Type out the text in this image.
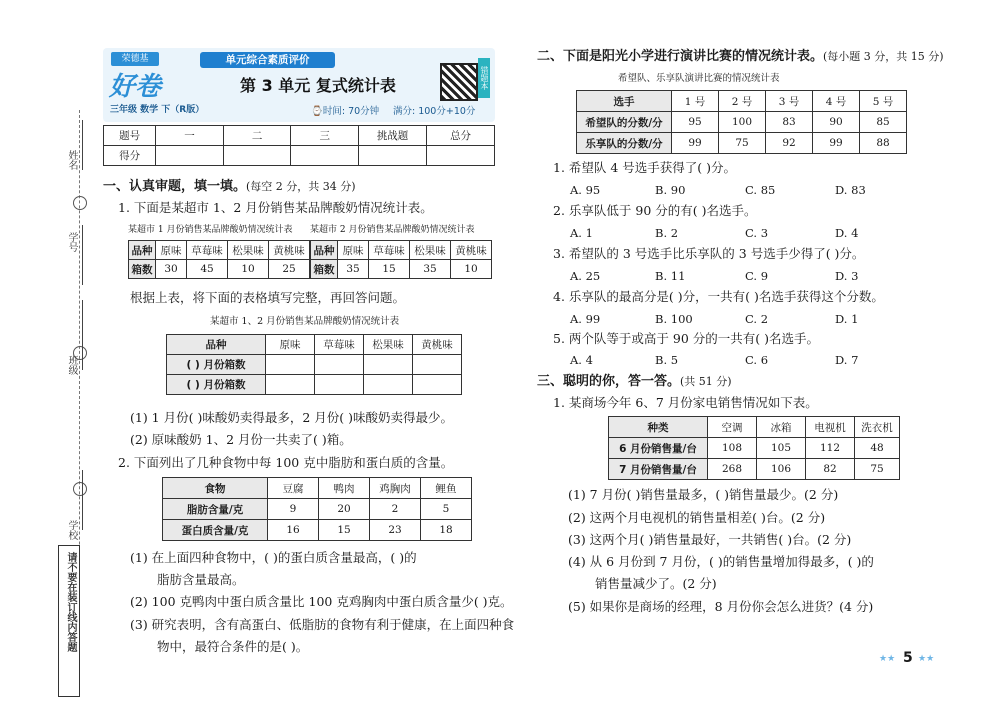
姓名
学号
班级
学校
请不要在装订线内答题
荣德基
好卷
三年级 数学 下（R版）
单元综合素质评价
第 3 单元 复式统计表
⌚时间: 70分钟 满分: 100分+10分
错题本
题号	一	二	三	挑战题	总分
得分					
一、认真审题，填一填。(每空 2 分，共 34 分)
1. 下面是某超市 1、2 月份销售某品牌酸奶情况统计表。
某超市 1 月份销售某品牌酸奶情况统计表 某超市 2 月份销售某品牌酸奶情况统计表
品种	原味	草莓味	松果味	黄桃味
箱数	30	45	10	25
品种	原味	草莓味	松果味	黄桃味
箱数	35	15	35	10
根据上表，将下面的表格填写完整，再回答问题。
某超市 1、2 月份销售某品牌酸奶情况统计表
品种	原味	草莓味	松果味	黄桃味
( ) 月份箱数				
( ) 月份箱数				
(1) 1 月份( )味酸奶卖得最多，2 月份( )味酸奶卖得最少。
(2) 原味酸奶 1、2 月份一共卖了( )箱。
2. 下面列出了几种食物中每 100 克中脂肪和蛋白质的含量。
食物	豆腐	鸭肉	鸡胸肉	鲤鱼
脂肪含量/克	9	20	2	5
蛋白质含量/克	16	15	23	18
(1) 在上面四种食物中，( )的蛋白质含量最高，( )的
脂肪含量最高。
(2) 100 克鸭肉中蛋白质含量比 100 克鸡胸肉中蛋白质含量少( )克。
(3) 研究表明，含有高蛋白、低脂肪的食物有利于健康，在上面四种食
物中，最符合条件的是( )。
二、下面是阳光小学进行演讲比赛的情况统计表。(每小题 3 分，共 15 分)
希望队、乐享队演讲比赛的情况统计表
选手	1 号	2 号	3 号	4 号	5 号
希望队的分数/分	95	100	83	90	85
乐享队的分数/分	99	75	92	99	88
1. 希望队 4 号选手获得了( )分。
A. 95	B. 90	C. 85	D. 83
2. 乐享队低于 90 分的有( )名选手。
A. 1	B. 2	C. 3	D. 4
3. 希望队的 3 号选手比乐享队的 3 号选手少得了( )分。
A. 25	B. 11	C. 9	D. 3
4. 乐享队的最高分是( )分，一共有( )名选手获得这个分数。
A. 99	B. 100	C. 2	D. 1
5. 两个队等于或高于 90 分的一共有( )名选手。
A. 4	B. 5	C. 6	D. 7
三、聪明的你，答一答。(共 51 分)
1. 某商场今年 6、7 月份家电销售情况如下表。
种类	空调	冰箱	电视机	洗衣机
6 月份销售量/台	108	105	112	48
7 月份销售量/台	268	106	82	75
(1) 7 月份( )销售量最多，( )销售量最少。(2 分)
(2) 这两个月电视机的销售量相差( )台。(2 分)
(3) 这两个月( )销售量最好，一共销售( )台。(2 分)
(4) 从 6 月份到 7 月份，( )的销售量增加得最多，( )的
销售量减少了。(2 分)
(5) 如果你是商场的经理，8 月份你会怎么进货？(4 分)
★★ 5 ★★
